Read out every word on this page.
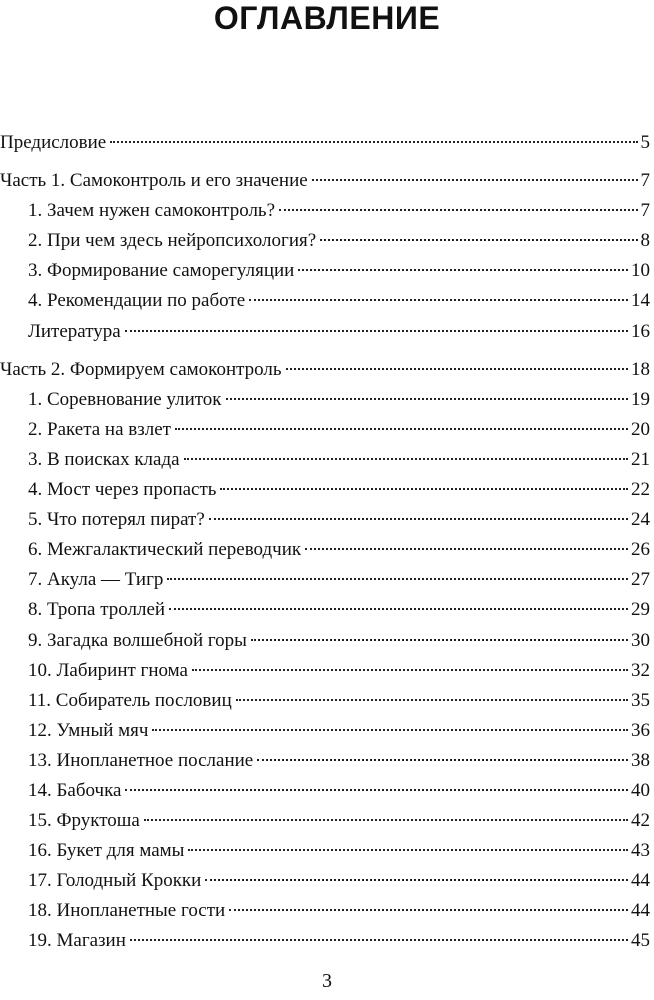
ОГЛАВЛЕНИЕ
Предисловие	5
Часть 1. Самоконтроль и его значение	7
1. Зачем нужен самоконтроль?	7
2. При чем здесь нейропсихология?	8
3. Формирование саморегуляции	10
4. Рекомендации по работе	14
Литература	16
Часть 2. Формируем самоконтроль	18
1. Соревнование улиток	19
2. Ракета на взлет	20
3. В поисках клада	21
4. Мост через пропасть	22
5. Что потерял пират?	24
6. Межгалактический переводчик	26
7. Акула — Тигр	27
8. Тропа троллей	29
9. Загадка волшебной горы	30
10. Лабиринт гнома	32
11. Собиратель пословиц	35
12. Умный мяч	36
13. Инопланетное послание	38
14. Бабочка	40
15. Фруктоша	42
16. Букет для мамы	43
17. Голодный Крокки	44
18. Инопланетные гости	44
19. Магазин	45
3
